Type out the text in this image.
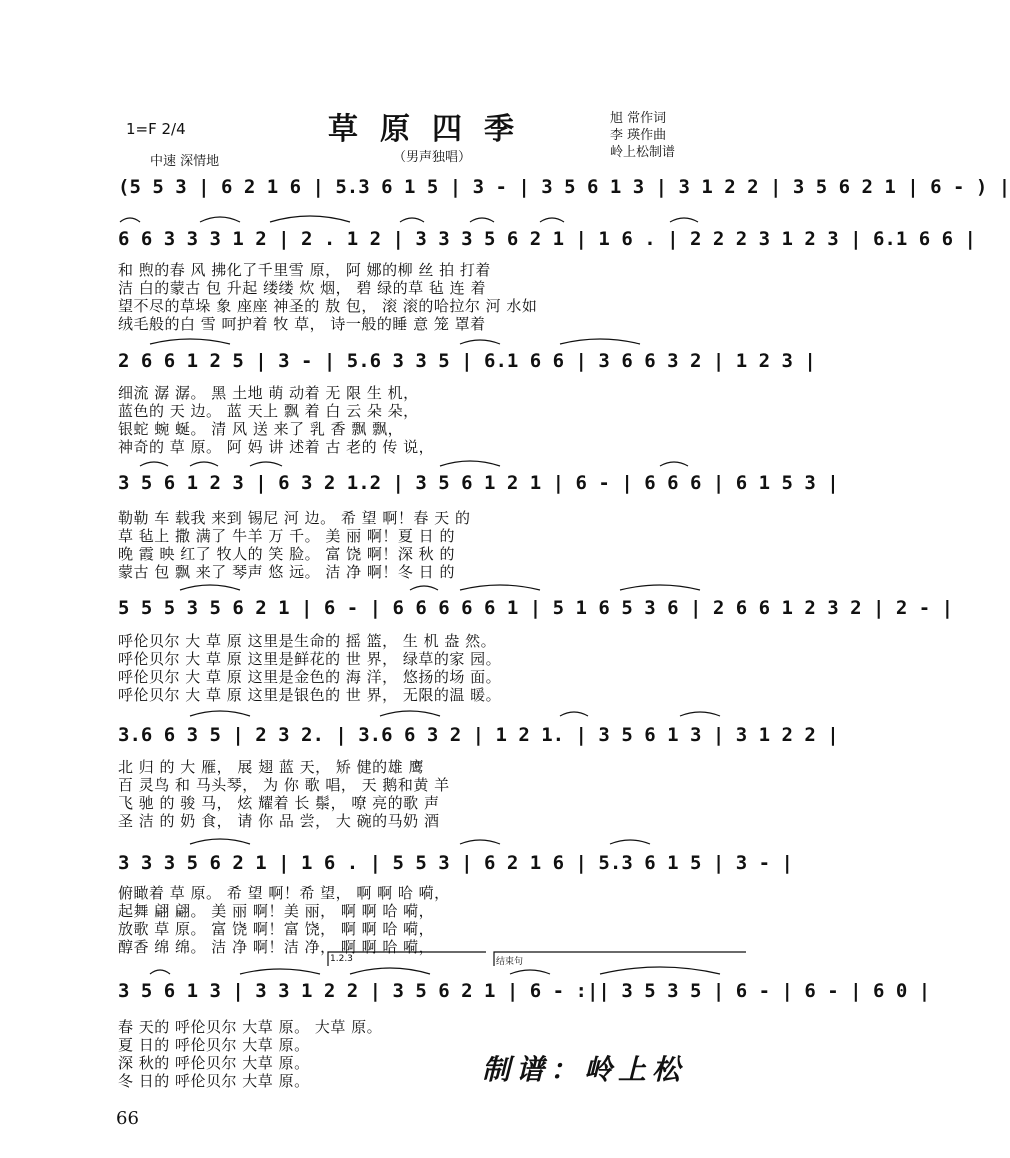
1=F 2/4	草原四季
（男声独唱）
中速 深情地
旭 常作词
李 瑛作曲
岭上松制谱
(5 5 3 | 6 2 1 6 | 5.3 6 1 5 | 3 - | 3 5 6 1 3 | 3 1 2 2 | 3 5 6 2 1 | 6 - ) |
6 6 3 3 3 1 2 | 2 . 1 2 | 3 3 3 5 6 2 1 | 1 6 . | 2 2 2 3 1 2 3 | 6.1 6 6 |
和 煦的春 风 拂化了千里雪 原， 阿 娜的柳 丝 拍 打着
洁 白的蒙古 包 升起 缕缕 炊 烟， 碧 绿的草 毡 连 着
望不尽的草垛 象 座座 神圣的 敖 包， 滚 滚的哈拉尔 河 水如
绒毛般的白 雪 呵护着 牧 草， 诗一般的睡 意 笼 罩着
2 6 6 1 2 5 | 3 - | 5.6 3 3 5 | 6.1 6 6 | 3 6 6 3 2 | 1 2 3 |
细流 潺 潺。 黑 土地 萌 动着 无 限 生 机，
蓝色的 天 边。 蓝 天上 飘 着 白 云 朵 朵，
银蛇 蜿 蜒。 清 风 送 来了 乳 香 飘 飘，
神奇的 草 原。 阿 妈 讲 述着 古 老的 传 说，
3 5 6 1 2 3 | 6 3 2 1.2 | 3 5 6 1 2 1 | 6 - | 6 6 6 | 6 1 5 3 |
勒勒 车 载我 来到 锡尼 河 边。 希 望 啊！春 天 的
草 毡上 撒 满了 牛羊 万 千。 美 丽 啊！夏 日 的
晚 霞 映 红了 牧人的 笑 脸。 富 饶 啊！深 秋 的
蒙古 包 飘 来了 琴声 悠 远。 洁 净 啊！冬 日 的
5 5 5 3 5 6 2 1 | 6 - | 6 6 6 6 6 1 | 5 1 6 5 3 6 | 2 6 6 1 2 3 2 | 2 - |
呼伦贝尔 大 草 原 这里是生命的 摇 篮， 生 机 盎 然。
呼伦贝尔 大 草 原 这里是鲜花的 世 界， 绿草的家 园。
呼伦贝尔 大 草 原 这里是金色的 海 洋， 悠扬的场 面。
呼伦贝尔 大 草 原 这里是银色的 世 界， 无限的温 暖。
3.6 6 3 5 | 2 3 2. | 3.6 6 3 2 | 1 2 1. | 3 5 6 1 3 | 3 1 2 2 |
北 归 的 大 雁， 展 翅 蓝 天， 矫 健的雄 鹰
百 灵鸟 和 马头琴， 为 你 歌 唱， 天 鹅和黄 羊
飞 驰 的 骏 马， 炫 耀着 长 鬃， 嘹 亮的歌 声
圣 洁 的 奶 食， 请 你 品 尝， 大 碗的马奶 酒
3 3 3 5 6 2 1 | 1 6 . | 5 5 3 | 6 2 1 6 | 5.3 6 1 5 | 3 - |
俯瞰着 草 原。 希 望 啊！希 望， 啊 啊 哈 嗬，
起舞 翩 翩。 美 丽 啊！美 丽， 啊 啊 哈 嗬，
放歌 草 原。 富 饶 啊！富 饶， 啊 啊 哈 嗬，
醇香 绵 绵。 洁 净 啊！洁 净， 啊 啊 哈 嗬，
1.2.3	结束句
3 5 6 1 3 | 3 3 1 2 2 | 3 5 6 2 1 | 6 - :|| 3 5 3 5 | 6 - | 6 - | 6 0 |
春 天的 呼伦贝尔 大草 原。 大草 原。
夏 日的 呼伦贝尔 大草 原。
深 秋的 呼伦贝尔 大草 原。
冬 日的 呼伦贝尔 大草 原。	制谱：岭上松
66
